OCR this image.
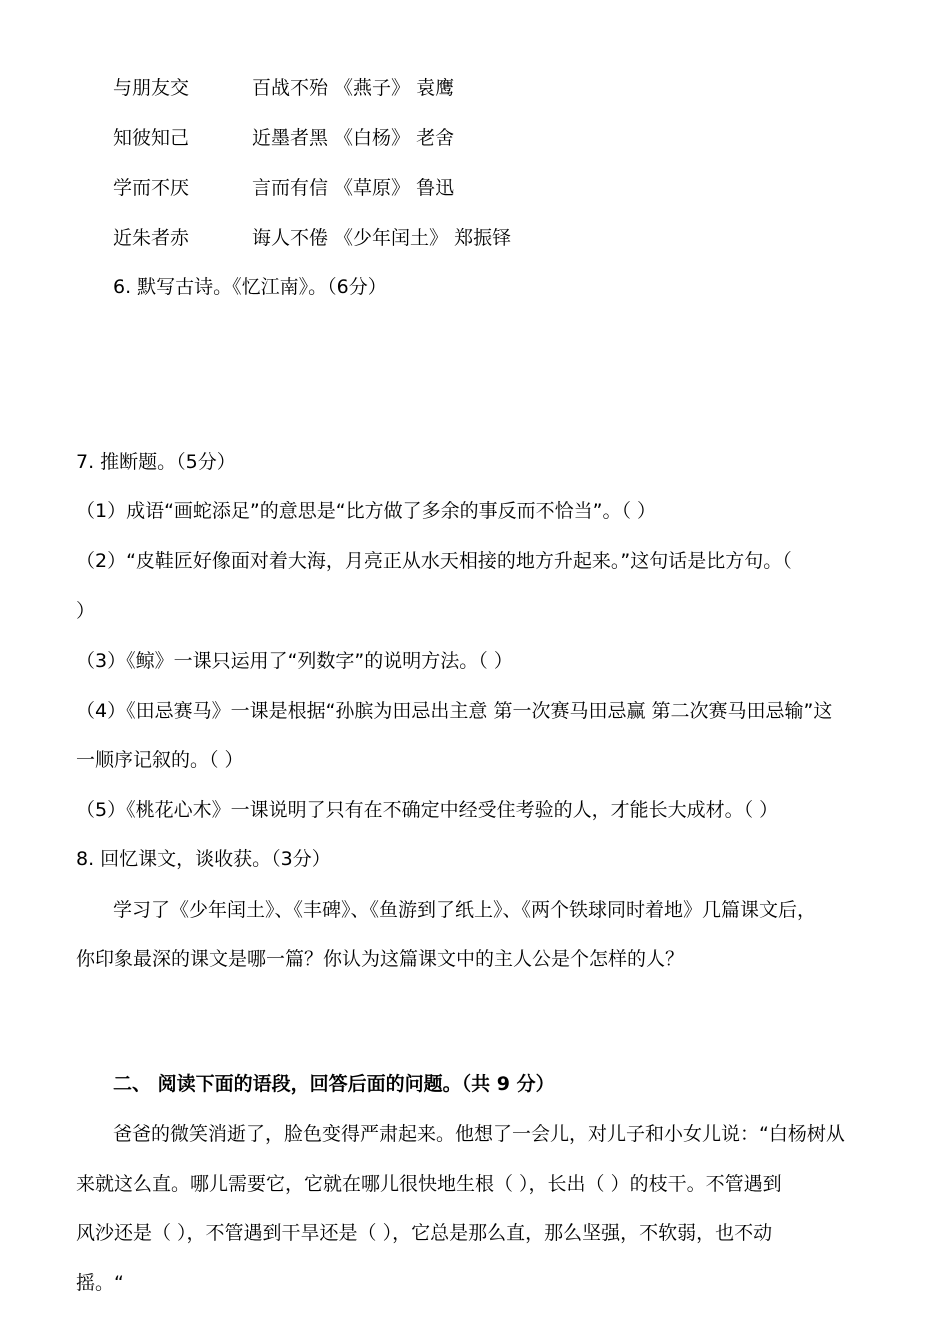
与朋友交	百战不殆 《燕子》 袁鹰
知彼知己	近墨者黑 《白杨》 老舍
学而不厌	言而有信 《草原》 鲁迅
近朱者赤	诲人不倦 《少年闰土》 郑振铎
6. 默写古诗。《忆江南》。（6分）
7. 推断题。（5分）
（1）成语“画蛇添足”的意思是“比方做了多余的事反而不恰当”。（ ）
（2）“皮鞋匠好像面对着大海，月亮正从水天相接的地方升起来。”这句话是比方句。（
）
（3）《鲸》一课只运用了“列数字”的说明方法。（ ）
（4）《田忌赛马》一课是根据“孙膑为田忌出主意 第一次赛马田忌赢 第二次赛马田忌输”这
一顺序记叙的。（ ）
（5）《桃花心木》一课说明了只有在不确定中经受住考验的人，才能长大成材。（ ）
8. 回忆课文，谈收获。（3分）
学习了《少年闰土》、《丰碑》、《鱼游到了纸上》、《两个铁球同时着地》几篇课文后，
你印象最深的课文是哪一篇？你认为这篇课文中的主人公是个怎样的人？
二、 阅读下面的语段，回答后面的问题。（共 9 分）
爸爸的微笑消逝了，脸色变得严肃起来。他想了一会儿，对儿子和小女儿说：“白杨树从
来就这么直。哪儿需要它，它就在哪儿很快地生根（ ），长出（ ）的枝干。不管遇到
风沙还是（ ），不管遇到干旱还是（ ），它总是那么直，那么坚强，不软弱，也不动
摇。“
